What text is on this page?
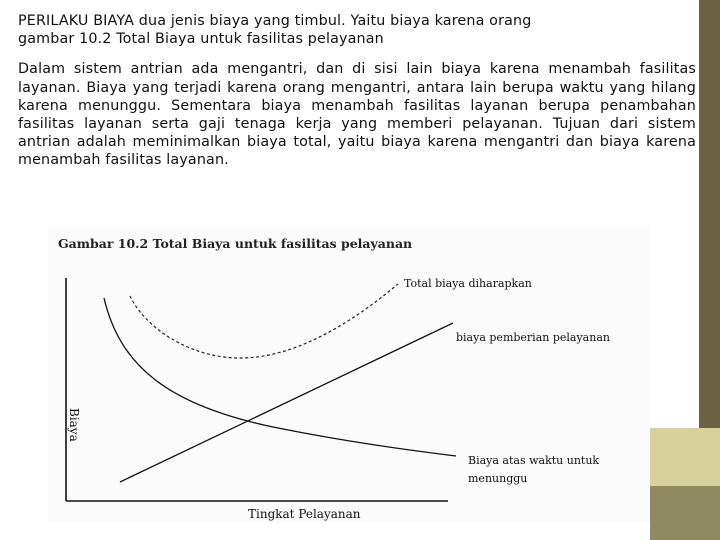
PERILAKU BIAYA dua jenis biaya yang timbul. Yaitu biaya karena orang
gambar 10.2 Total Biaya untuk fasilitas pelayanan

Dalam sistem antrian ada mengantri, dan di sisi lain biaya karena menambah fasilitas layanan. Biaya yang terjadi karena orang mengantri, antara lain berupa waktu yang hilang karena menunggu. Sementara biaya menambah fasilitas layanan berupa penambahan fasilitas layanan serta gaji tenaga kerja yang memberi pelayanan. Tujuan dari sistem antrian adalah meminimalkan biaya total, yaitu biaya karena mengantri dan biaya karena menambah fasilitas layanan.

Gambar 10.2 Total Biaya untuk fasilitas pelayanan
Total biaya diharapkan
biaya pemberian pelayanan
Biaya atas waktu untuk
menunggu
Biaya
Tingkat Pelayanan
